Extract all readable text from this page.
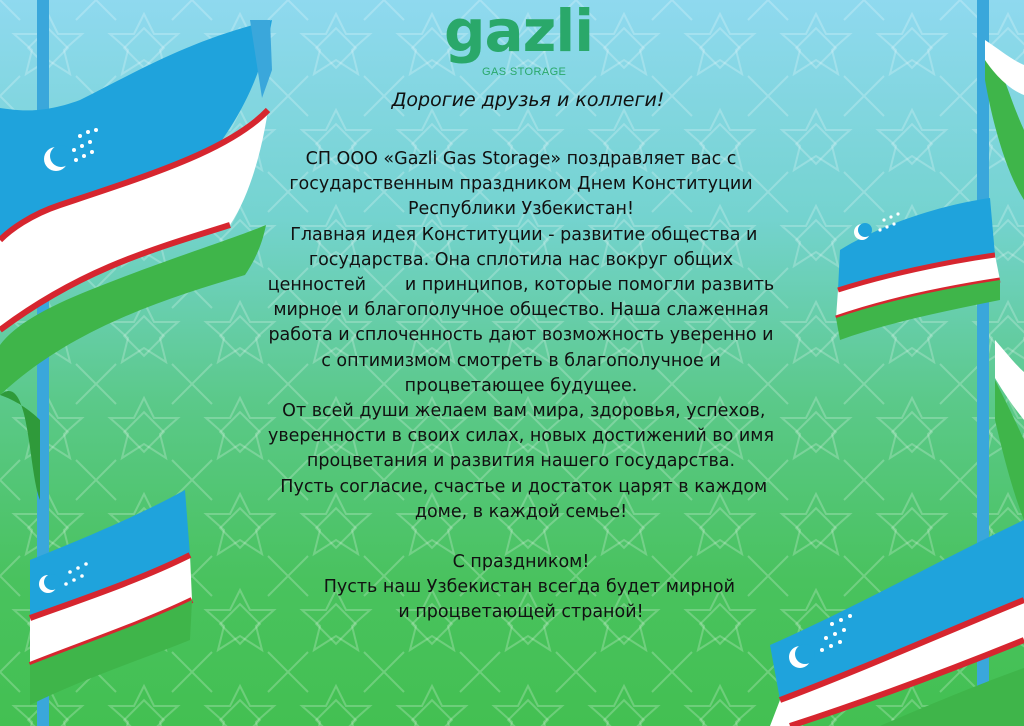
gazli
GAS STORAGE
Дорогие друзья и коллеги!
СП ООО «Gazli Gas Storage» поздравляет вас с
государственным праздником Днем Конституции
Республики Узбекистан!
Главная идея Конституции - развитие общества и
государства. Она сплотила нас вокруг общих
ценностей       и принципов, которые помогли развить
мирное и благополучное общество. Наша слаженная
работа и сплоченность дают возможность уверенно и
с оптимизмом смотреть в благополучное и
процветающее будущее.
От всей души желаем вам мира, здоровья, успехов,
уверенности в своих силах, новых достижений во имя
процветания и развития нашего государства.
Пусть согласие, счастье и достаток царят в каждом
доме, в каждой семье!
С праздником!
Пусть наш Узбекистан всегда будет мирной
и процветающей страной!
